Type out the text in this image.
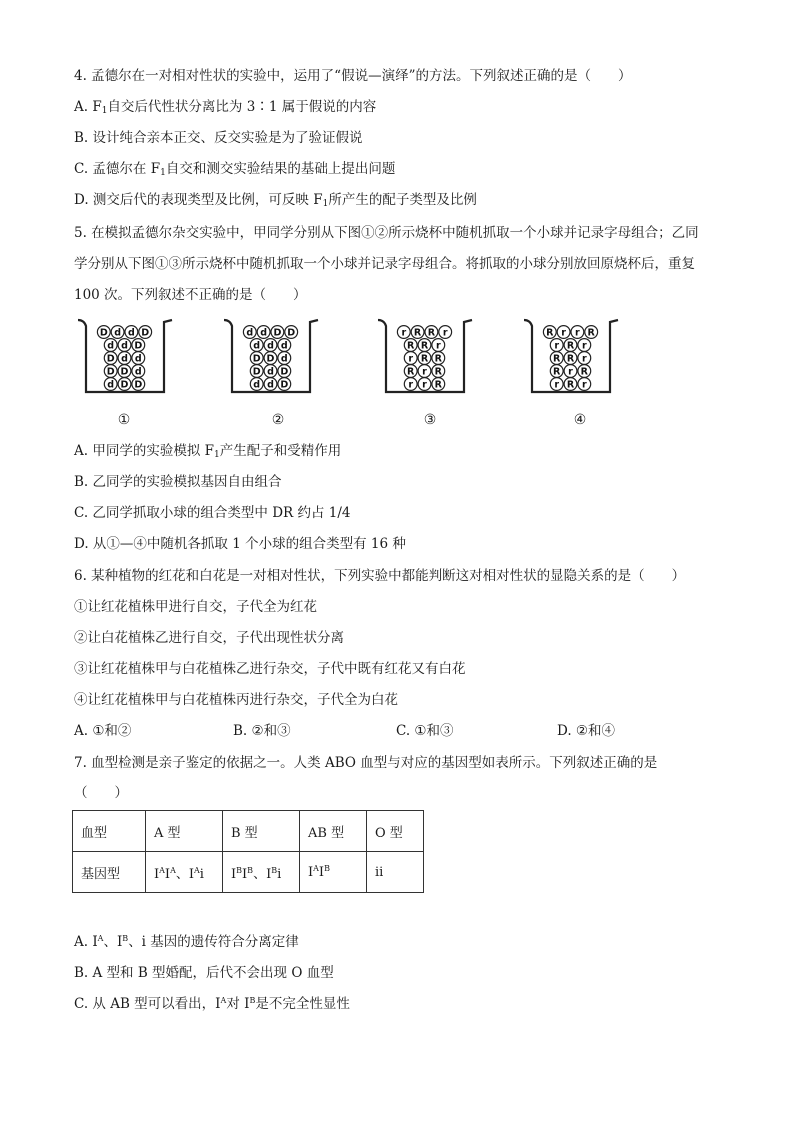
4. 孟德尔在一对相对性状的实验中，运用了“假说—演绎”的方法。下列叙述正确的是（　　）
A. $F_1$自交后代性状分离比为 3∶1 属于假说的内容
B. 设计纯合亲本正交、反交实验是为了验证假说
C. 孟德尔在 $F_1$自交和测交实验结果的基础上提出问题
D. 测交后代的表现类型及比例，可反映 $F_1$所产生的配子类型及比例
5. 在模拟孟德尔杂交实验中，甲同学分别从下图①②所示烧杯中随机抓取一个小球并记录字母组合；乙同
学分别从下图①③所示烧杯中随机抓取一个小球并记录字母组合。将抓取的小球分别放回原烧杯后，重复
100 次。下列叙述不正确的是（　　）
D d d D
d d D
D d d
D D d
d D D
d d D D
d d d
D D d
D d D
d d D
r R R r
R R r
r R R
R r R
r r R
R r r R
r R r
R R r
R r R
r R r
①	②	③	④
A. 甲同学的实验模拟 $F_1$产生配子和受精作用
B. 乙同学的实验模拟基因自由组合
C. 乙同学抓取小球的组合类型中 DR 约占 1/4
D. 从①—④中随机各抓取 1 个小球的组合类型有 16 种
6. 某种植物的红花和白花是一对相对性状，下列实验中都能判断这对相对性状的显隐关系的是（　　）
①让红花植株甲进行自交，子代全为红花
②让白花植株乙进行自交，子代出现性状分离
③让红花植株甲与白花植株乙进行杂交，子代中既有红花又有白花
④让红花植株甲与白花植株丙进行杂交，子代全为白花
A. ①和②	B. ②和③	C. ①和③	D. ②和④
7. 血型检测是亲子鉴定的依据之一。人类 ABO 血型与对应的基因型如表所示。下列叙述正确的是
（　　）
血型	A 型	B 型	AB 型	O 型
基因型	$I^AI^A$、$I^Ai$	$I^BI^B$、$I^Bi$	$I^AI^B$	ii
A. $I^A$、$I^B$、i 基因的遗传符合分离定律
B. A 型和 B 型婚配，后代不会出现 O 血型
C. 从 AB 型可以看出，$I^A$对 $I^B$是不完全性显性
